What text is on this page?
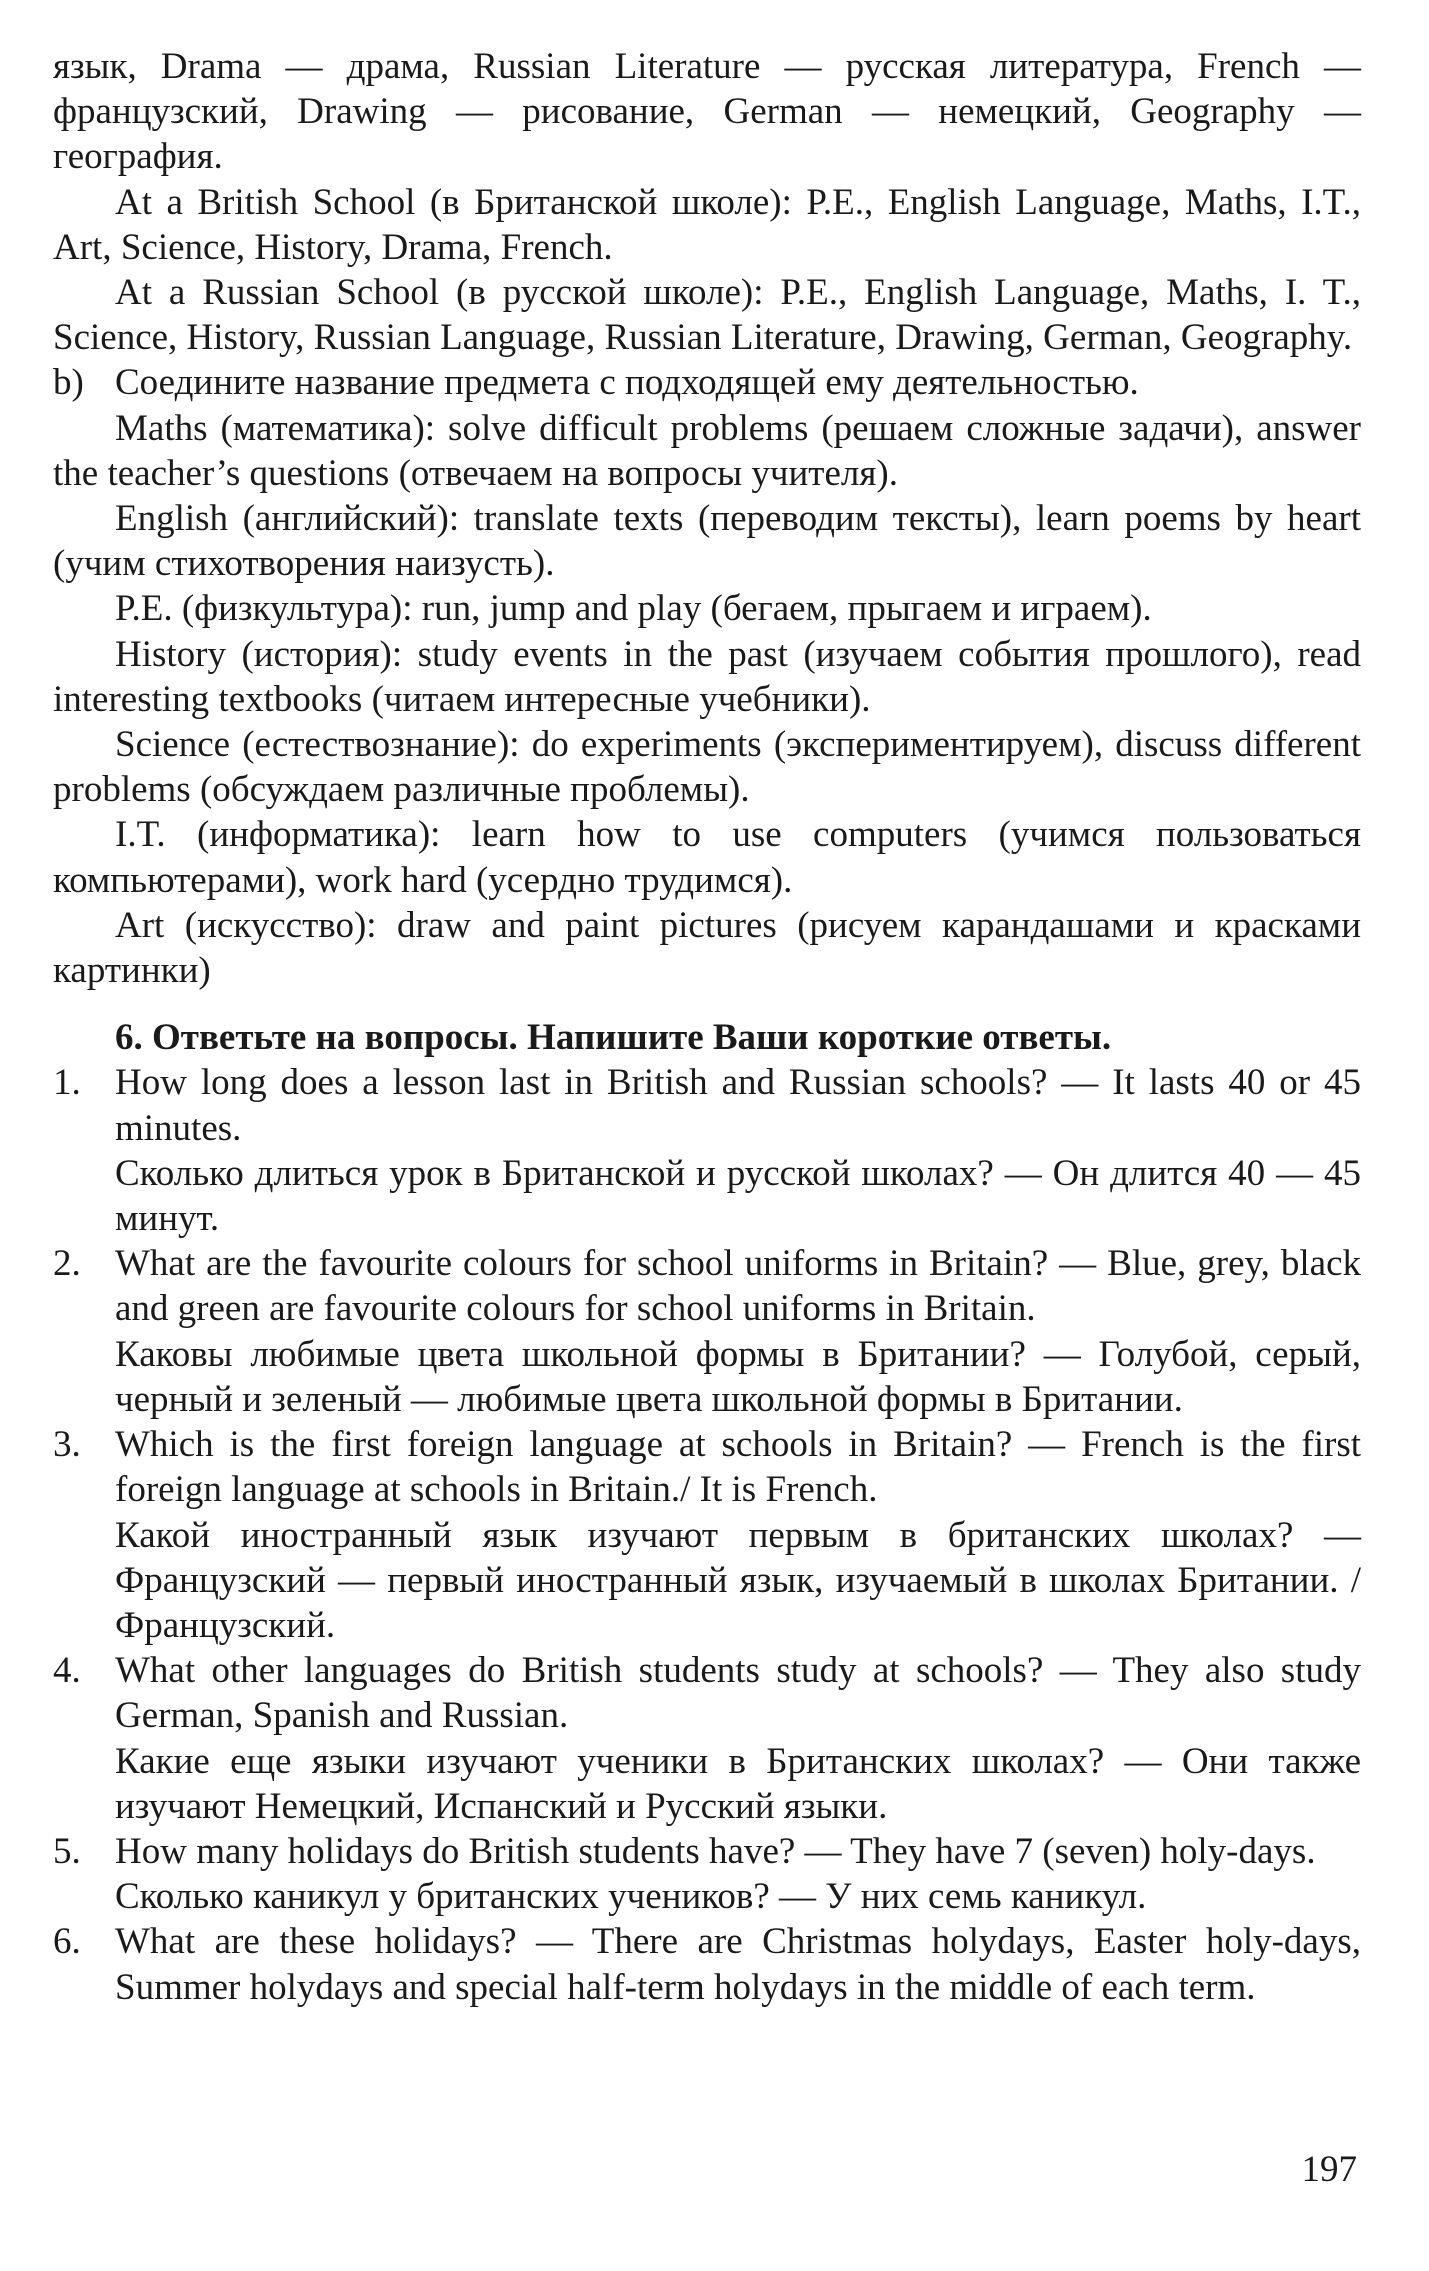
язык, Drama — драма, Russian Literature — русская литература, French — французский, Drawing — рисование, German — немецкий, Geography — география.

At a British School (в Британской школе): P.E., English Language, Maths, I.T., Art, Science, History, Drama, French.

At a Russian School (в русской школе): P.E., English Language, Maths, I. T., Science, History, Russian Language, Russian Literature, Drawing, German, Geography.

b) Соедините название предмета с подходящей ему деятельностью.

Maths (математика): solve difficult problems (решаем сложные задачи), answer the teacher’s questions (отвечаем на вопросы учителя).

English (английский): translate texts (переводим тексты), learn poems by heart (учим стихотворения наизусть).

P.E. (физкультура): run, jump and play (бегаем, прыгаем и играем).

History (история): study events in the past (изучаем события прошлого), read interesting textbooks (читаем интересные учебники).

Science (естествознание): do experiments (экспериментируем), discuss different problems (обсуждаем различные проблемы).

I.T. (информатика): learn how to use computers (учимся пользоваться компьютерами), work hard (усердно трудимся).

Art (искусство): draw and paint pictures (рисуем карандашами и красками картинки)

6. Ответьте на вопросы. Напишите Ваши короткие ответы.

1. How long does a lesson last in British and Russian schools? — It lasts 40 or 45 minutes.

Сколько длиться урок в Британской и русской школах? — Он длится 40 — 45 минут.

2. What are the favourite colours for school uniforms in Britain? — Blue, grey, black and green are favourite colours for school uniforms in Britain.

Каковы любимые цвета школьной формы в Британии? — Голубой, серый, черный и зеленый — любимые цвета школьной формы в Британии.

3. Which is the first foreign language at schools in Britain? — French is the first foreign language at schools in Britain./ It is French.

Какой иностранный язык изучают первым в британских школах? — Французский — первый иностранный язык, изучаемый в школах Британии. / Французский.

4. What other languages do British students study at schools? — They also study German, Spanish and Russian.

Какие еще языки изучают ученики в Британских школах? — Они также изучают Немецкий, Испанский и Русский языки.

5. How many holidays do British students have? — They have 7 (seven) holy-days.

Сколько каникул у британских учеников? — У них семь каникул.

6. What are these holidays? — There are Christmas holydays, Easter holy-days, Summer holydays and special half-term holydays in the middle of each term.

197
